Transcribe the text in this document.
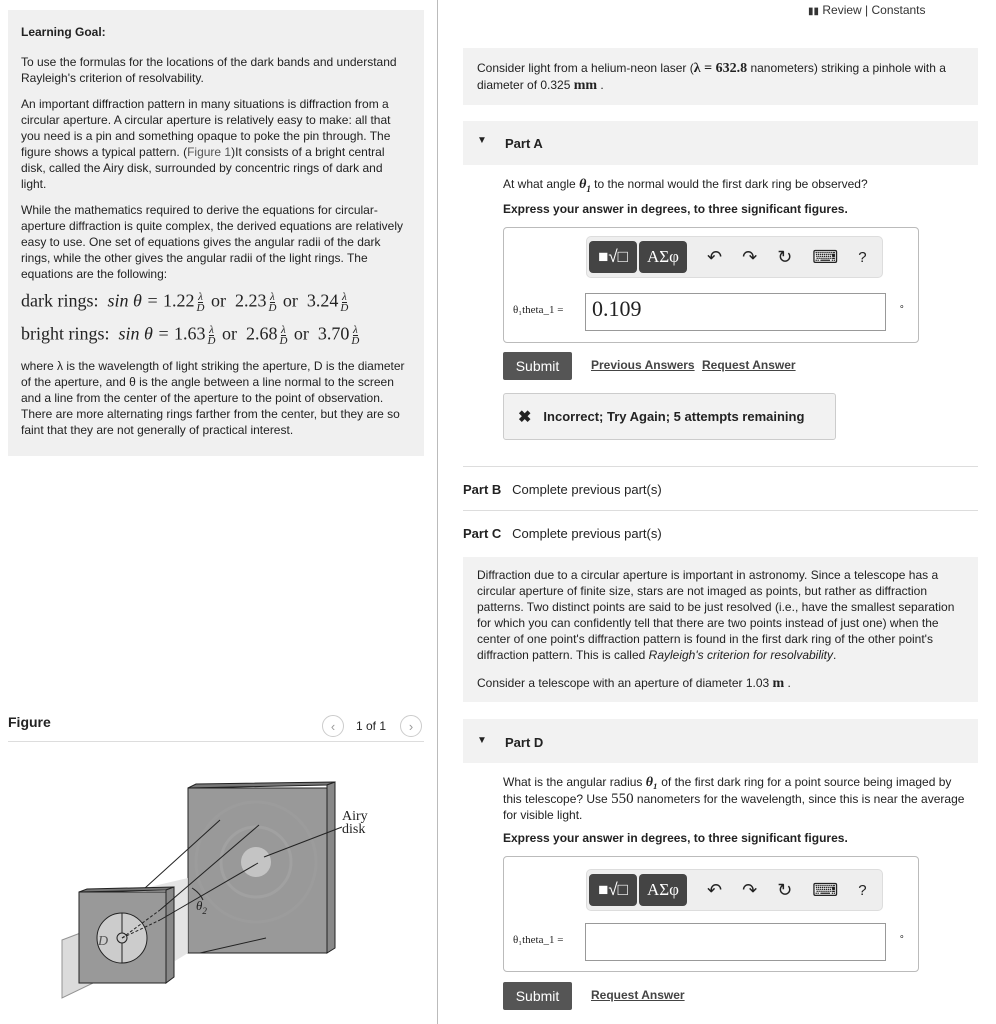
Learning Goal:

To use the formulas for the locations of the dark bands and understand Rayleigh's criterion of resolvability.

An important diffraction pattern in many situations is diffraction from a circular aperture. A circular aperture is relatively easy to make: all that you need is a pin and something opaque to poke the pin through. The figure shows a typical pattern. (Figure 1)It consists of a bright central disk, called the Airy disk, surrounded by concentric rings of dark and light.

While the mathematics required to derive the equations for circular-aperture diffraction is quite complex, the derived equations are relatively easy to use. One set of equations gives the angular radii of the dark rings, while the other gives the angular radii of the light rings. The equations are the following:

dark rings: $\sin \theta = 1.22 \frac{\lambda}{D}$ or $2.23 \frac{\lambda}{D}$ or $3.24 \frac{\lambda}{D}$
bright rings: $\sin \theta = 1.63 \frac{\lambda}{D}$ or $2.68 \frac{\lambda}{D}$ or $3.70 \frac{\lambda}{D}$

where λ is the wavelength of light striking the aperture, D is the diameter of the aperture, and θ is the angle between a line normal to the screen and a line from the center of the aperture to the point of observation. There are more alternating rings farther from the center, but they are so faint that they are not generally of practical interest.

Figure	‹	1 of 1	›
Airy
disk
$\theta_2$
D
▮▮ Review | Constants
Consider light from a helium-neon laser (λ = 632.8 nanometers) striking a pinhole with a
diameter of 0.325 mm .
▼ Part A
At what angle $\theta_1$ to the normal would the first dark ring be observed?
Express your answer in degrees, to three significant figures.
■√□	ΑΣφ	↶ ↷ ↻ ⌨ ?
θ₁theta_1 =	0.109	∘
Submit	Previous Answers Request Answer
✖ Incorrect; Try Again; 5 attempts remaining
Part B Complete previous part(s)
Part C Complete previous part(s)
Diffraction due to a circular aperture is important in astronomy. Since a telescope has a
circular aperture of finite size, stars are not imaged as points, but rather as diffraction
patterns. Two distinct points are said to be just resolved (i.e., have the smallest separation
for which you can confidently tell that there are two points instead of just one) when the
center of one point's diffraction pattern is found in the first dark ring of the other point's
diffraction pattern. This is called Rayleigh's criterion for resolvability.
Consider a telescope with an aperture of diameter 1.03 m .
▼ Part D
What is the angular radius θ₁ of the first dark ring for a point source being imaged by
this telescope? Use 550 nanometers for the wavelength, since this is near the average
for visible light.
Express your answer in degrees, to three significant figures.
■√□	ΑΣφ	↶ ↷ ↻ ⌨ ?
θ₁theta_1 =	∘
Submit	Request Answer
